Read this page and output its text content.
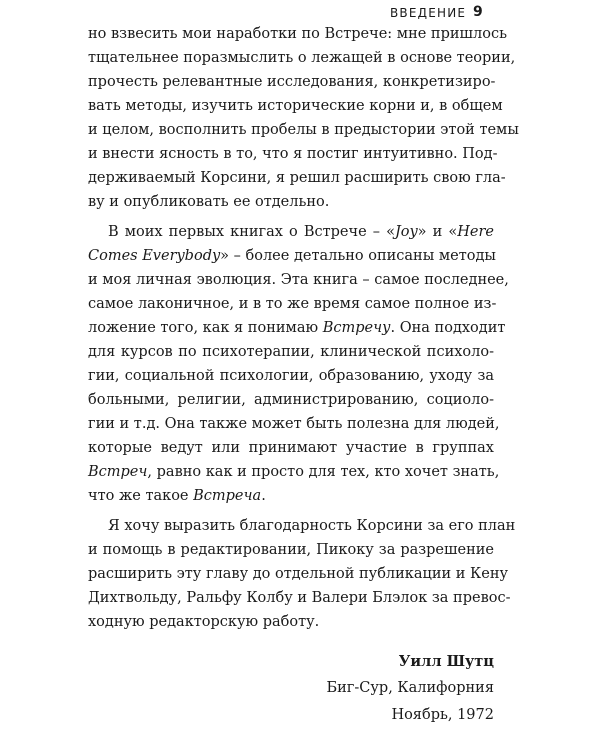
ВВЕДЕНИЕ 9
но взвесить мои наработки по Встрече: мне пришлось
тщательнее поразмыслить о лежащей в основе теории,
прочесть релевантные исследования, конкретизиро-
вать методы, изучить исторические корни и, в общем
и целом, восполнить пробелы в предыстории этой темы
и внести ясность в то, что я постиг интуитивно. Под-
держиваемый Корсини, я решил расширить свою гла-
ву и опубликовать ее отдельно.
В моих первых книгах о Встрече – «Joy» и «Here
Comes Everybody» – более детально описаны методы
и моя личная эволюция. Эта книга – самое последнее,
самое лаконичное, и в то же время самое полное из-
ложение того, как я понимаю Встречу. Она подходит
для курсов по психотерапии, клинической психоло-
гии, социальной психологии, образованию, уходу за
больными, религии, администрированию, социоло-
гии и т.д. Она также может быть полезна для людей,
которые ведут или принимают участие в группах
Встреч, равно как и просто для тех, кто хочет знать,
что же такое Встреча.
Я хочу выразить благодарность Корсини за его план
и помощь в редактировании, Пикоку за разрешение
расширить эту главу до отдельной публикации и Кену
Дихтвольду, Ральфу Колбу и Валери Блэлок за превос-
ходную редакторскую работу.
Уилл Шутц
Биг-Сур, Калифорния
Ноябрь, 1972
